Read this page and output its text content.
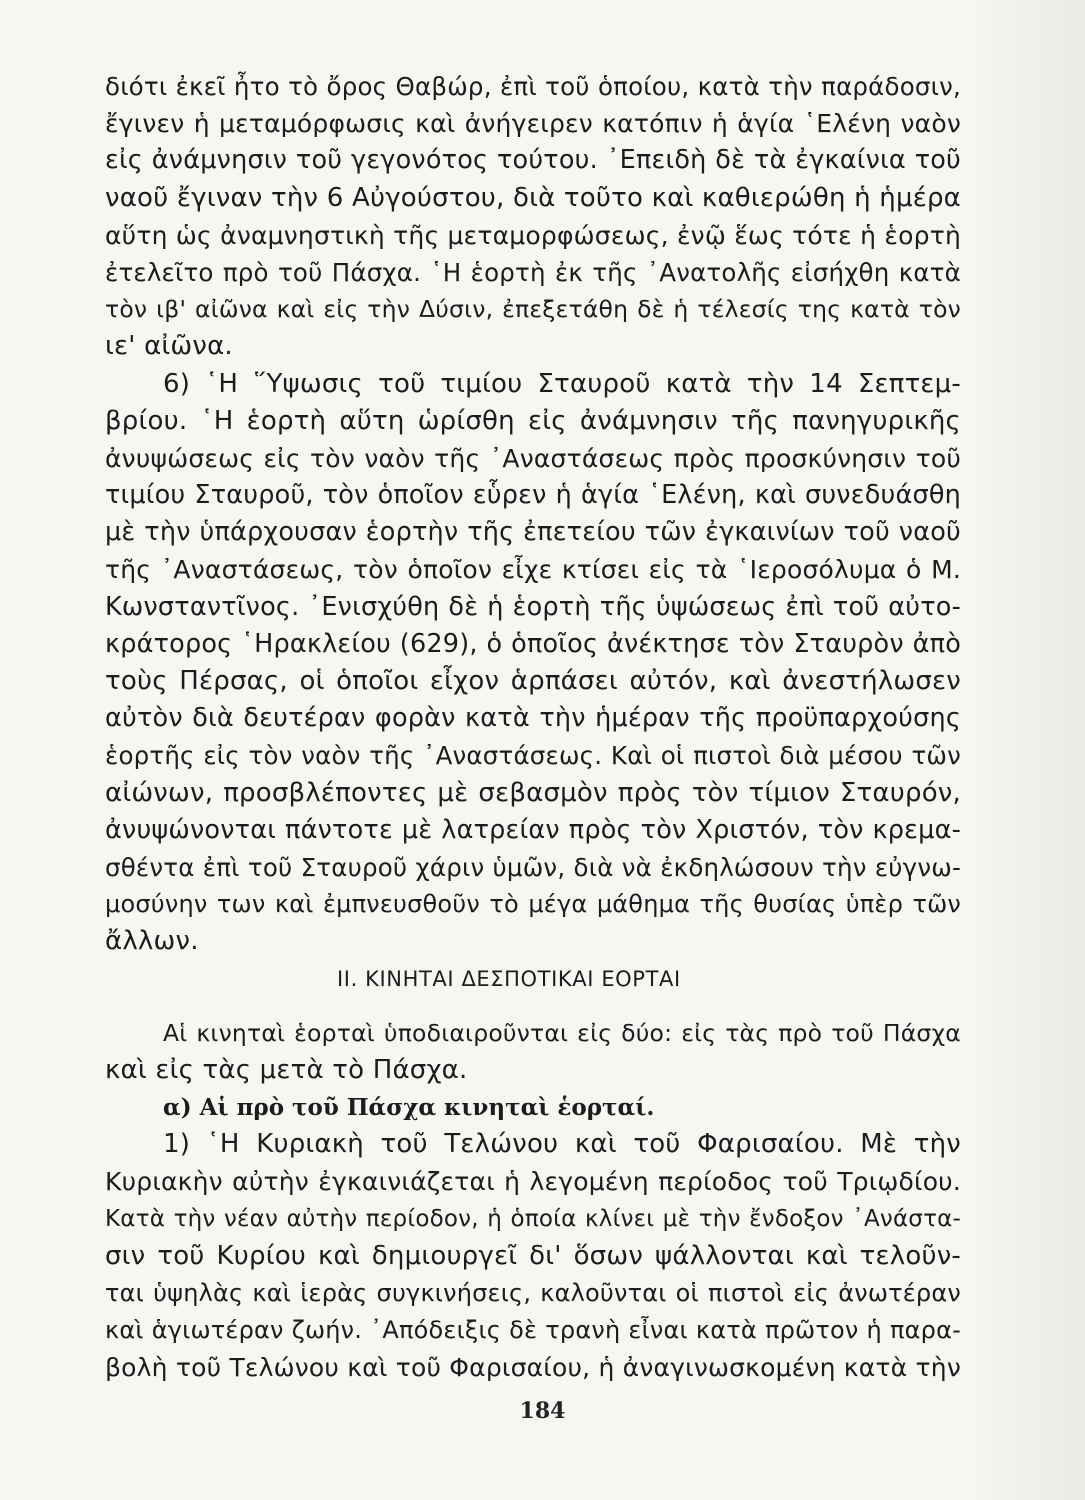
διότι ἐκεῖ ἦτο τὸ ὄρος Θαβώρ, ἐπὶ τοῦ ὁποίου, κατὰ τὴν παράδοσιν,
ἔγινεν ἡ μεταμόρφωσις καὶ ἀνήγειρεν κατόπιν ἡ ἁγία ῾Ελένη ναὸν
εἰς ἀνάμνησιν τοῦ γεγονότος τούτου. ᾿Επειδὴ δὲ τὰ ἐγκαίνια τοῦ
ναοῦ ἔγιναν τὴν 6 Αὐγούστου, διὰ τοῦτο καὶ καθιερώθη ἡ ἡμέρα
αὕτη ὡς ἀναμνηστικὴ τῆς μεταμορφώσεως, ἐνῷ ἕως τότε ἡ ἑορτὴ
ἐτελεῖτο πρὸ τοῦ Πάσχα. ῾Η ἑορτὴ ἐκ τῆς ᾿Ανατολῆς εἰσήχθη κατὰ
τὸν ιβ' αἰῶνα καὶ εἰς τὴν Δύσιν, ἐπεξετάθη δὲ ἡ τέλεσίς της κατὰ τὸν
ιε' αἰῶνα.
6) ῾Η ῞Υψωσις τοῦ τιμίου Σταυροῦ κατὰ τὴν 14 Σεπτεμ-
βρίου. ῾Η ἑορτὴ αὕτη ὡρίσθη εἰς ἀνάμνησιν τῆς πανηγυρικῆς
ἀνυψώσεως εἰς τὸν ναὸν τῆς ᾿Αναστάσεως πρὸς προσκύνησιν τοῦ
τιμίου Σταυροῦ, τὸν ὁποῖον εὗρεν ἡ ἁγία ῾Ελένη, καὶ συνεδυάσθη
μὲ τὴν ὑπάρχουσαν ἑορτὴν τῆς ἐπετείου τῶν ἐγκαινίων τοῦ ναοῦ
τῆς ᾿Αναστάσεως, τὸν ὁποῖον εἶχε κτίσει εἰς τὰ ῾Ιεροσόλυμα ὁ Μ.
Κωνσταντῖνος. ᾿Ενισχύθη δὲ ἡ ἑορτὴ τῆς ὑψώσεως ἐπὶ τοῦ αὐτο-
κράτορος ῾Ηρακλείου (629), ὁ ὁποῖος ἀνέκτησε τὸν Σταυρὸν ἀπὸ
τοὺς Πέρσας, οἱ ὁποῖοι εἶχον ἁρπάσει αὐτόν, καὶ ἀνεστήλωσεν
αὐτὸν διὰ δευτέραν φορὰν κατὰ τὴν ἡμέραν τῆς προϋπαρχούσης
ἑορτῆς εἰς τὸν ναὸν τῆς ᾿Αναστάσεως. Καὶ οἱ πιστοὶ διὰ μέσου τῶν
αἰώνων, προσβλέποντες μὲ σεβασμὸν πρὸς τὸν τίμιον Σταυρόν,
ἀνυψώνονται πάντοτε μὲ λατρείαν πρὸς τὸν Χριστόν, τὸν κρεμα-
σθέντα ἐπὶ τοῦ Σταυροῦ χάριν ὑμῶν, διὰ νὰ ἐκδηλώσουν τὴν εὐγνω-
μοσύνην των καὶ ἐμπνευσθοῦν τὸ μέγα μάθημα τῆς θυσίας ὑπὲρ τῶν
ἄλλων.
II. ΚΙΝΗΤΑΙ ΔΕΣΠΟΤΙΚΑΙ ΕΟΡΤΑΙ
Αἱ κινηταὶ ἑορταὶ ὑποδιαιροῦνται εἰς δύο: εἰς τὰς πρὸ τοῦ Πάσχα
καὶ εἰς τὰς μετὰ τὸ Πάσχα.
α) Αἱ πρὸ τοῦ Πάσχα κινηταὶ ἑορταί.
1) ῾Η Κυριακὴ τοῦ Τελώνου καὶ τοῦ Φαρισαίου. Μὲ τὴν
Κυριακὴν αὐτὴν ἐγκαινιάζεται ἡ λεγομένη περίοδος τοῦ Τριῳδίου.
Κατὰ τὴν νέαν αὐτὴν περίοδον, ἡ ὁποία κλίνει μὲ τὴν ἔνδοξον ᾿Ανάστα-
σιν τοῦ Κυρίου καὶ δημιουργεῖ δι' ὅσων ψάλλονται καὶ τελοῦν-
ται ὑψηλὰς καὶ ἱερὰς συγκινήσεις, καλοῦνται οἱ πιστοὶ εἰς ἀνωτέραν
καὶ ἁγιωτέραν ζωήν. ᾿Απόδειξις δὲ τρανὴ εἶναι κατὰ πρῶτον ἡ παρα-
βολὴ τοῦ Τελώνου καὶ τοῦ Φαρισαίου, ἡ ἀναγινωσκομένη κατὰ τὴν
184
